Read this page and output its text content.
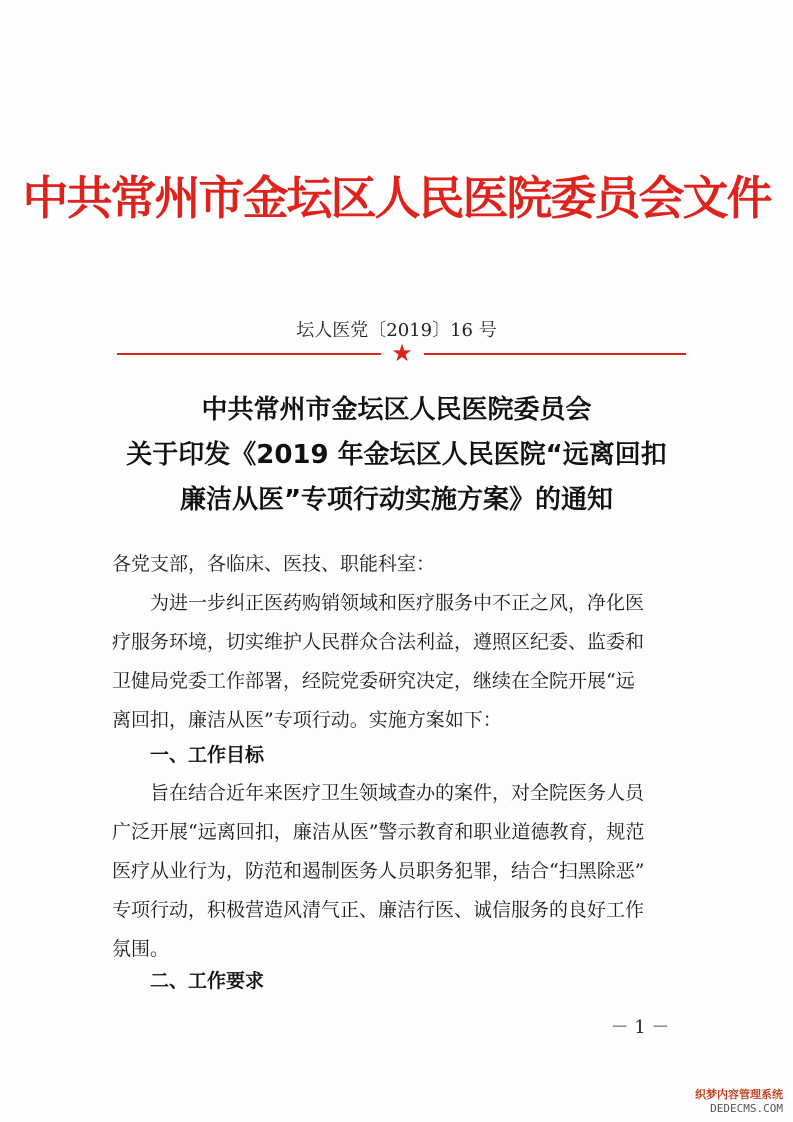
中共常州市金坛区人民医院委员会文件
坛人医党〔2019〕16 号
★
中共常州市金坛区人民医院委员会
关于印发《2019 年金坛区人民医院“远离回扣
廉洁从医”专项行动实施方案》的通知
各党支部，各临床、医技、职能科室：
为进一步纠正医药购销领域和医疗服务中不正之风，净化医
疗服务环境，切实维护人民群众合法利益，遵照区纪委、监委和
卫健局党委工作部署，经院党委研究决定，继续在全院开展“远
离回扣，廉洁从医”专项行动。实施方案如下：
一、工作目标
旨在结合近年来医疗卫生领域查办的案件，对全院医务人员
广泛开展“远离回扣，廉洁从医”警示教育和职业道德教育，规范
医疗从业行为，防范和遏制医务人员职务犯罪，结合“扫黑除恶”
专项行动，积极营造风清气正、廉洁行医、诚信服务的良好工作
氛围。
二、工作要求
－ 1 －
织梦内容管理系统
DEDECMS.COM
